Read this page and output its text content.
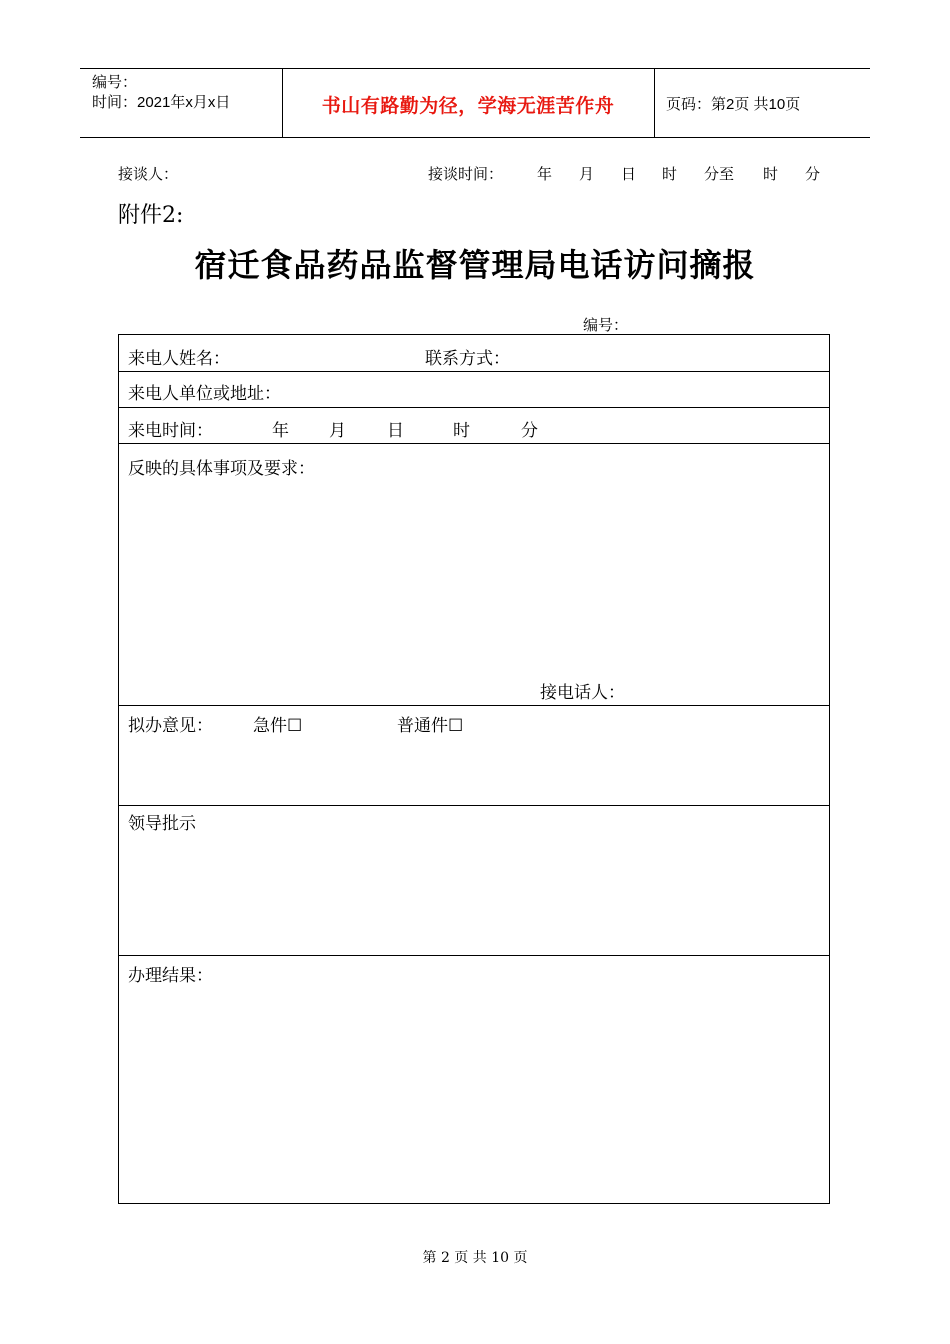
编号：
时间：2021年x月x日	书山有路勤为径，学海无涯苦作舟	页码：第2页 共10页
接谈人：	接谈时间： 年 月 日 时 分至 时 分
附件2:
宿迁食品药品监督管理局电话访问摘报
编号：
来电人姓名：	联系方式：
来电人单位或地址：
来电时间：	年 月 日	时	分
反映的具体事项及要求：
接电话人：
拟办意见： 急件☐	普通件☐
领导批示
办理结果：
第 2 页 共 10 页
